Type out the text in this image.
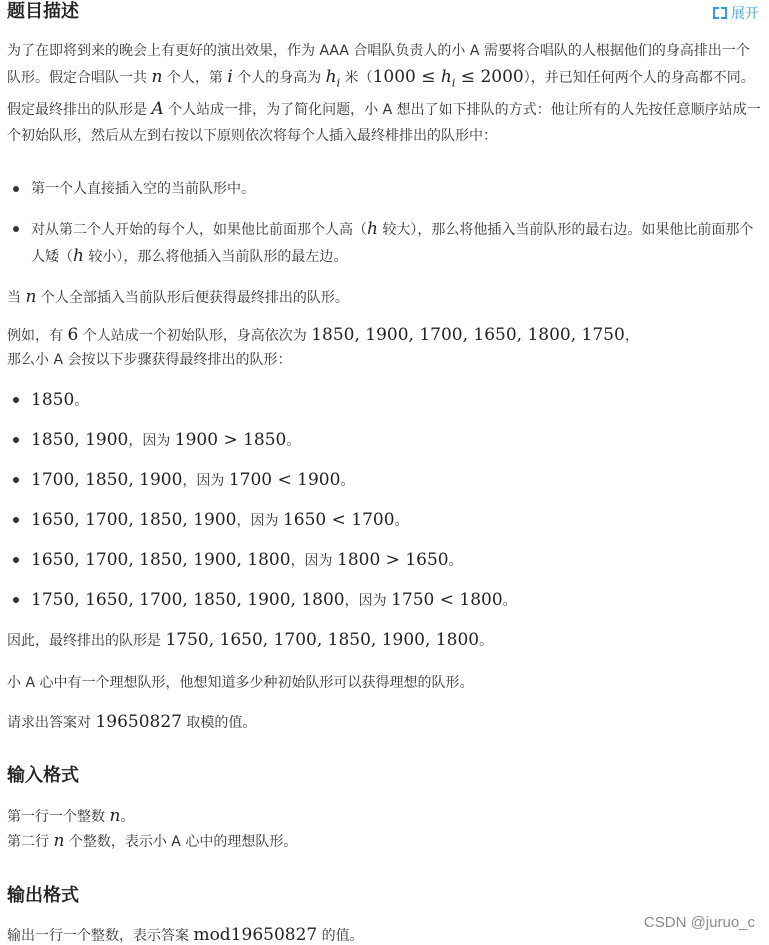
题目描述	展开

为了在即将到来的晚会上有更好的演出效果，作为 AAA 合唱队负责人的小 A 需要将合唱队的人根据他们的身高排出一个队形。假定合唱队一共 n 个人，第 i 个人的身高为 $h_i$ 米$(1000 \le h_i \le 2000)$，并已知任何两个人的身高都不同。假定最终排出的队形是 A 个人站成一排，为了简化问题，小 A 想出了如下排队的方式：他让所有的人先按任意顺序站成一个初始队形，然后从左到右按以下原则依次将每个人插入最终棑排出的队形中：

第一个人直接插入空的当前队形中。

对从第二个人开始的每个人，如果他比前面那个人高（h 较大），那么将他插入当前队形的最右边。如果他比前面那个人矮（h 较小），那么将他插入当前队形的最左边。

当 n 个人全部插入当前队形后便获得最终排出的队形。

例如，有 6 个人站成一个初始队形，身高依次为 1850, 1900, 1700, 1650, 1800, 1750，
那么小 A 会按以下步骤获得最终排出的队形：

1850。

1850, 1900，因为 1900 > 1850。

1700, 1850, 1900，因为 1700 < 1900。

1650, 1700, 1850, 1900，因为 1650 < 1700。

1650, 1700, 1850, 1900, 1800，因为 1800 > 1650。

1750, 1650, 1700, 1850, 1900, 1800，因为 1750 < 1800。

因此，最终排出的队形是 1750, 1650, 1700, 1850, 1900, 1800。

小 A 心中有一个理想队形，他想知道多少种初始队形可以获得理想的队形。

请求出答案对 19650827 取模的值。

输入格式

第一行一个整数 n。
第二行 n 个整数，表示小 A 心中的理想队形。

输出格式

输出一行一个整数，表示答案 mod19650827 的值。

CSDN @juruo_c
